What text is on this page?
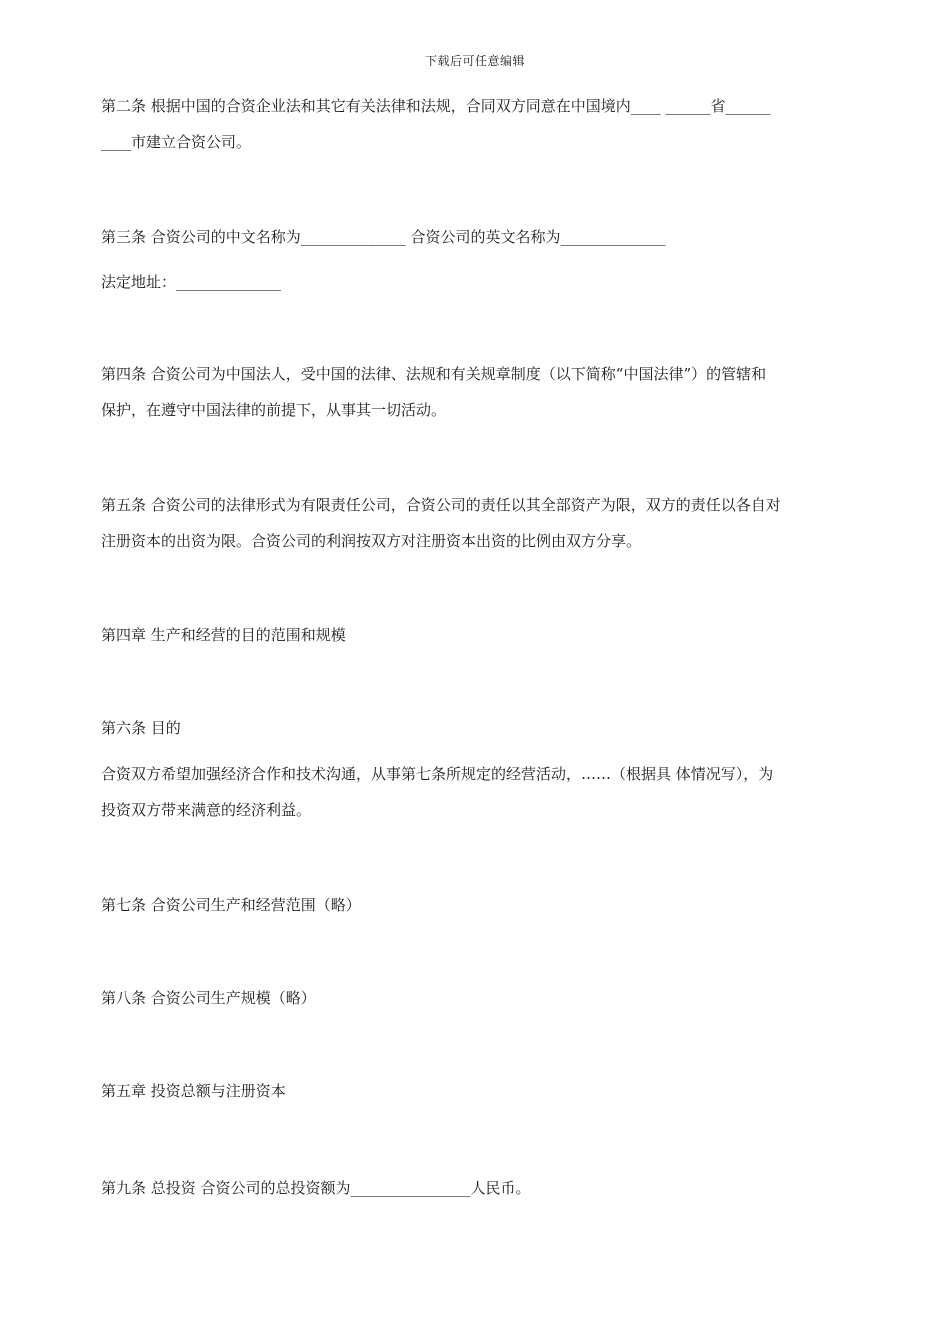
下载后可任意编辑
第二条 根据中国的合资企业法和其它有关法律和法规，合同双方同意在中国境内____ ______省______
____市建立合资公司。
第三条 合资公司的中文名称为______________ 合资公司的英文名称为______________
法定地址：______________
第四条 合资公司为中国法人，受中国的法律、法规和有关规章制度（以下简称“中国法律”）的管辖和
保护，在遵守中国法律的前提下，从事其一切活动。
第五条 合资公司的法律形式为有限责任公司，合资公司的责任以其全部资产为限，双方的责任以各自对
注册资本的出资为限。合资公司的利润按双方对注册资本出资的比例由双方分享。
第四章 生产和经营的目的范围和规模
第六条 目的
合资双方希望加强经济合作和技术沟通，从事第七条所规定的经营活动，……（根据具 体情况写），为
投资双方带来满意的经济利益。
第七条 合资公司生产和经营范围（略）
第八条 合资公司生产规模（略）
第五章 投资总额与注册资本
第九条 总投资 合资公司的总投资额为________________人民币。
